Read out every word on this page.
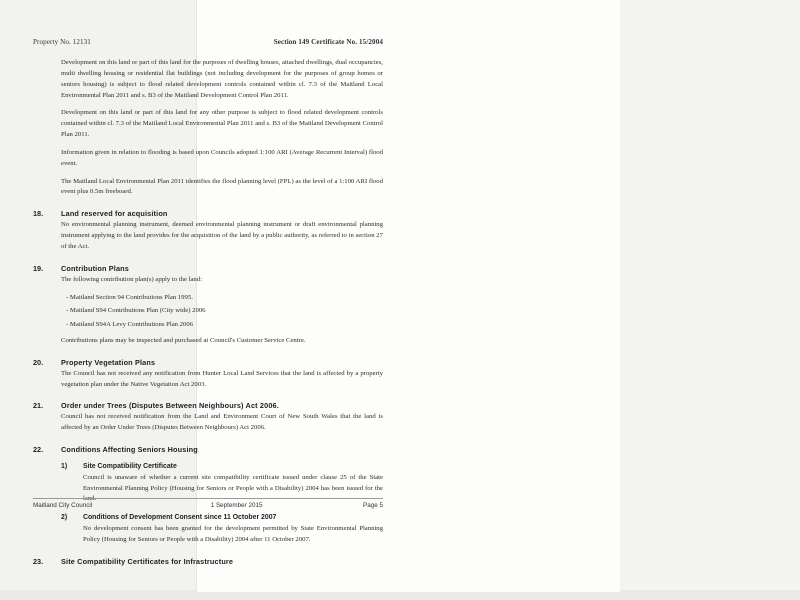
Property No. 12131	Section 149 Certificate No. 15/2004

Development on this land or part of this land for the purposes of dwelling houses, attached dwellings, dual occupancies, multi dwelling housing or residential flat buildings (not including development for the purposes of group homes or seniors housing) is subject to flood related development controls contained within cl. 7.3 of the Maitland Local Environmental Plan 2011 and s. B3 of the Maitland Development Control Plan 2011.

Development on this land or part of this land for any other purpose is subject to flood related development controls contained within cl. 7.3 of the Maitland Local Environmental Plan 2011 and s. B3 of the Maitland Development Control Plan 2011.

Information given in relation to flooding is based upon Councils adopted 1:100 ARI (Average Recurrent Interval) flood event.

The Maitland Local Environmental Plan 2011 identifies the flood planning level (FPL) as the level of a 1:100 ARI flood event plus 0.5m freeboard.

18.	Land reserved for acquisition

No environmental planning instrument, deemed environmental planning instrument or draft environmental planning instrument applying to the land provides for the acquisition of the land by a public authority, as referred to in section 27 of the Act.

19.	Contribution Plans

The following contribution plan(s) apply to the land:

- Maitland Section 94 Contributions Plan 1995.

- Maitland S94 Contributions Plan (City wide) 2006

- Maitland S94A Levy Contributions Plan 2006

Contributions plans may be inspected and purchased at Council's Customer Service Centre.

20.	Property Vegetation Plans

The Council has not received any notification from Hunter Local Land Services that the land is affected by a property vegetation plan under the Native Vegetation Act 2003.

21.	Order under Trees (Disputes Between Neighbours) Act 2006.

Council has not received notification from the Land and Environment Court of New South Wales that the land is affected by an Order Under Trees (Disputes Between Neighbours) Act 2006.

22.	Conditions Affecting Seniors Housing
1)	Site Compatibility Certificate

Council is unaware of whether a current site compatibility certificate issued under clause 25 of the State Environmental Planning Policy (Housing for Seniors or People with a Disability) 2004 has been issued for the land.

2)	Conditions of Development Consent since 11 October 2007

No development consent has been granted for the development permitted by State Environmental Planning Policy (Housing for Seniors or People with a Disability) 2004 after 11 October 2007.

23.	Site Compatibility Certificates for Infrastructure
Maitland City Council	1 September 2015	Page 5
